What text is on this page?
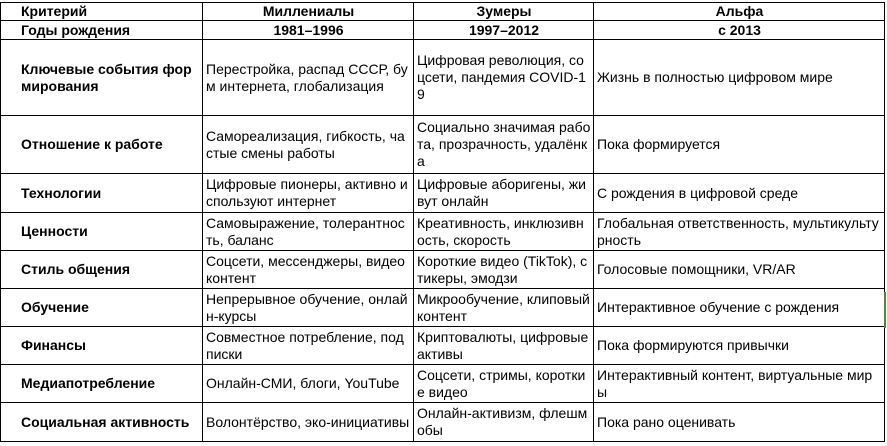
Критерий	Миллениалы	Зумеры	Альфа
Годы рождения	1981–1996	1997–2012	с 2013
Ключевые события формирования	Перестройка, распад СССР, бум интернета, глобализация	Цифровая революция, соцсети, пандемия COVID-19	Жизнь в полностью цифровом мире
Отношение к работе	Самореализация, гибкость, частые смены работы	Социально значимая работа, прозрачность, удалёнка	Пока формируется
Технологии	Цифровые пионеры, активно используют интернет	Цифровые аборигены, живут онлайн	С рождения в цифровой среде
Ценности	Самовыражение, толерантность, баланс	Креативность, инклюзивность, скорость	Глобальная ответственность, мультикультурность
Стиль общения	Соцсети, мессенджеры, видеоконтент	Короткие видео (TikTok), стикеры, эмодзи	Голосовые помощники, VR/AR
Обучение	Непрерывное обучение, онлайн-курсы	Микрообучение, клиповый контент	Интерактивное обучение с рождения
Финансы	Совместное потребление, подписки	Криптовалюты, цифровые активы	Пока формируются привычки
Медиапотребление	Онлайн-СМИ, блоги, YouTube	Соцсети, стримы, короткие видео	Интерактивный контент, виртуальные миры
Социальная активность	Волонтёрство, эко-инициативы	Онлайн-активизм, флешмобы	Пока рано оценивать
